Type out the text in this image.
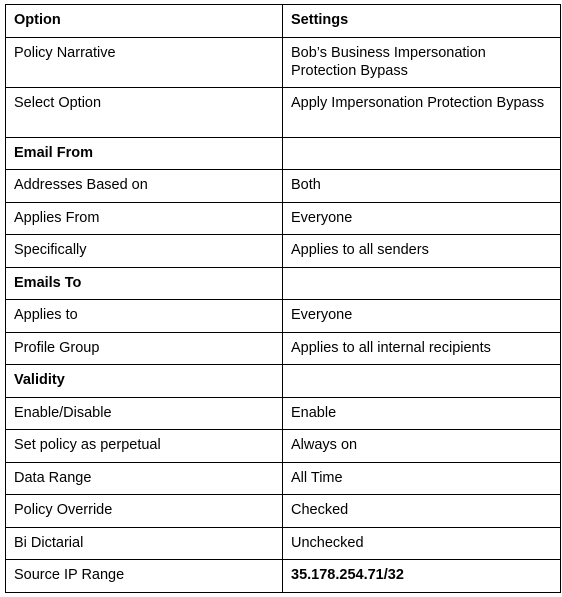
Option	Settings
Policy Narrative	Bob’s Business Impersonation Protection Bypass
Select Option	Apply Impersonation Protection Bypass
Email From	
Addresses Based on	Both
Applies From	Everyone
Specifically	Applies to all senders
Emails To	
Applies to	Everyone
Profile Group	Applies to all internal recipients
Validity	
Enable/Disable	Enable
Set policy as perpetual	Always on
Data Range	All Time
Policy Override	Checked
Bi Dictarial	Unchecked
Source IP Range	35.178.254.71/32
